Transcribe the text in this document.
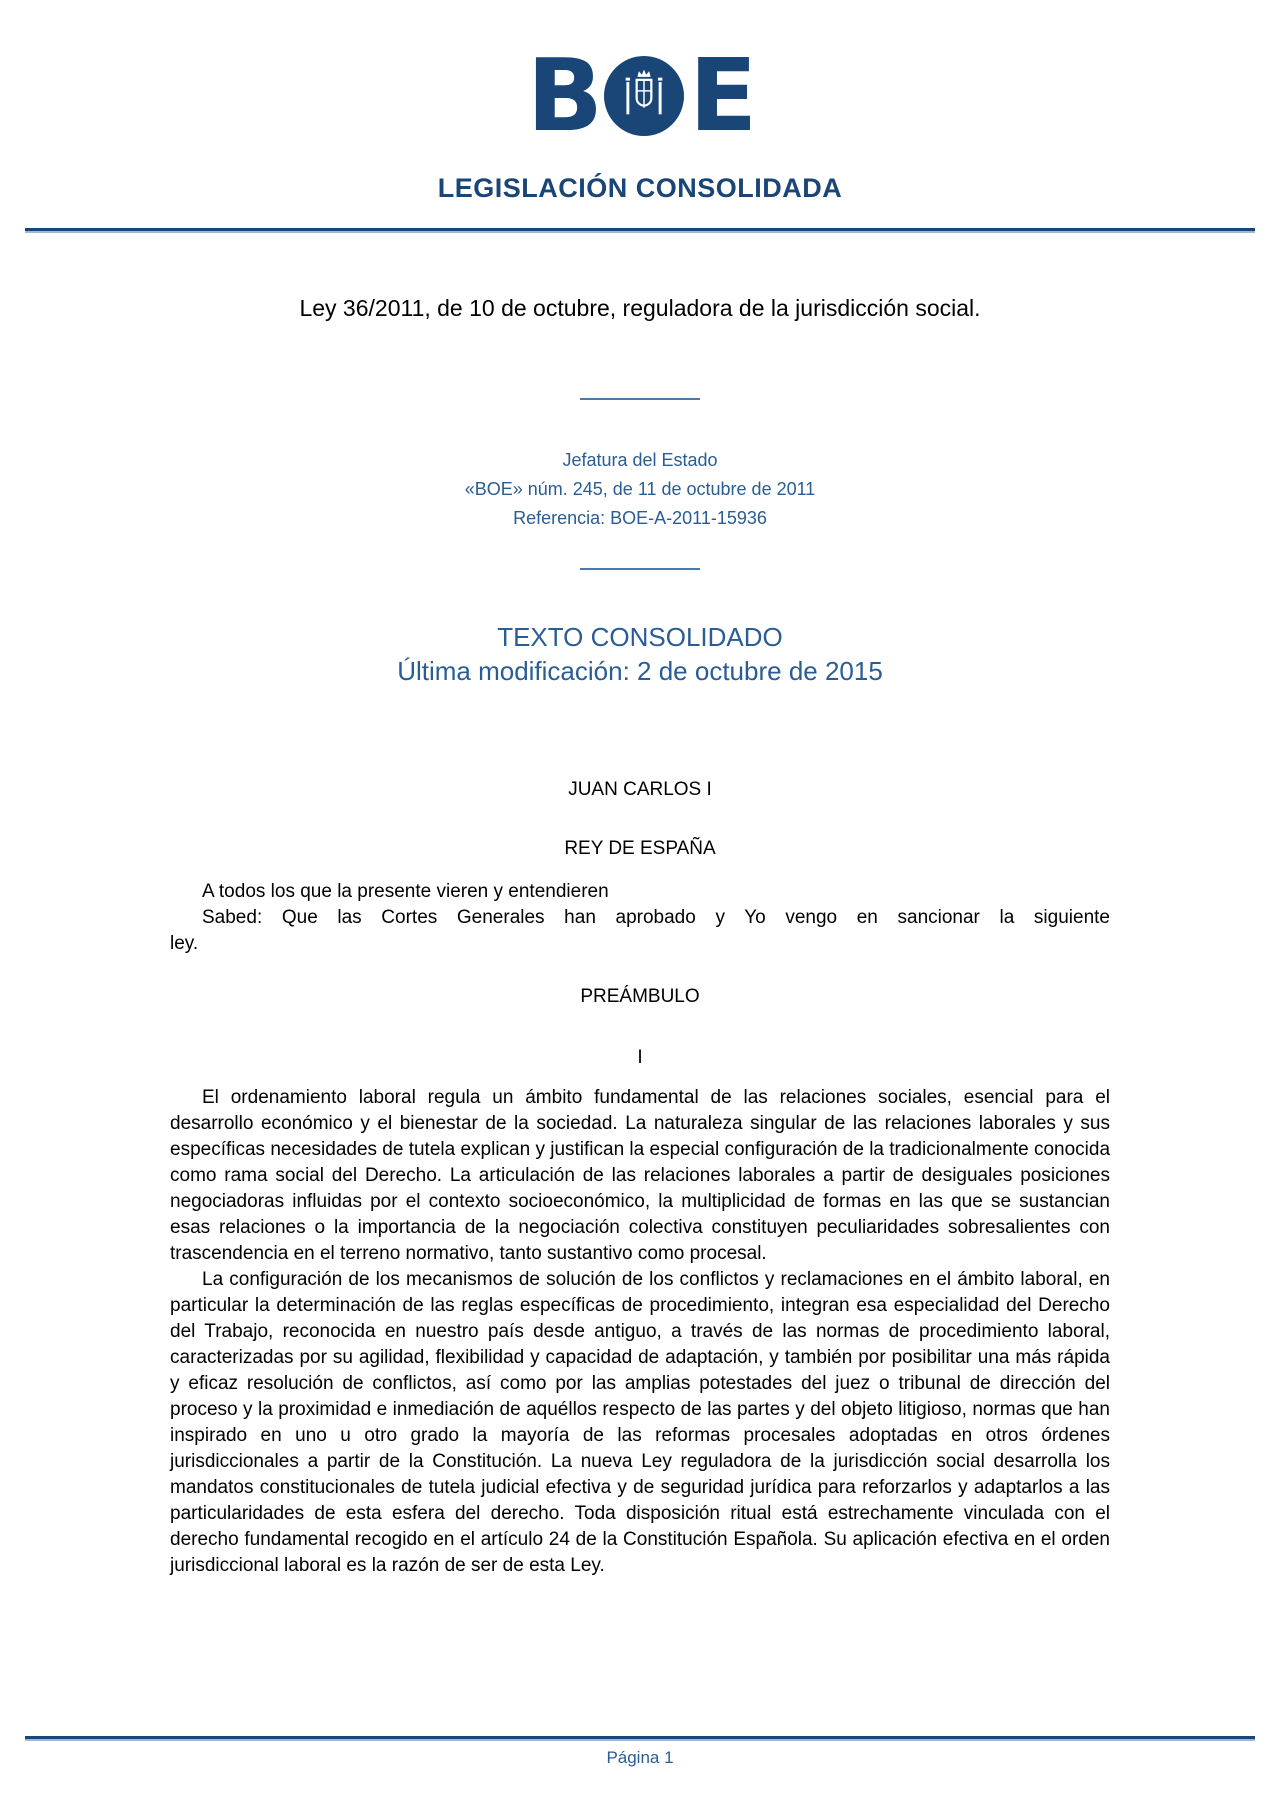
B E
LEGISLACIÓN CONSOLIDADA
Ley 36/2011, de 10 de octubre, reguladora de la jurisdicción social.
Jefatura del Estado
«BOE» núm. 245, de 11 de octubre de 2011
Referencia: BOE-A-2011-15936
TEXTO CONSOLIDADO
Última modificación: 2 de octubre de 2015
JUAN CARLOS I
REY DE ESPAÑA

A todos los que la presente vieren y entendieren

Sabed: Que las Cortes Generales han aprobado y Yo vengo en sancionar la siguiente

ley.

PREÁMBULO
I

El ordenamiento laboral regula un ámbito fundamental de las relaciones sociales, esencial para el desarrollo económico y el bienestar de la sociedad. La naturaleza singular de las relaciones laborales y sus específicas necesidades de tutela explican y justifican la especial configuración de la tradicionalmente conocida como rama social del Derecho. La articulación de las relaciones laborales a partir de desiguales posiciones negociadoras influidas por el contexto socioeconómico, la multiplicidad de formas en las que se sustancian esas relaciones o la importancia de la negociación colectiva constituyen peculiaridades sobresalientes con trascendencia en el terreno normativo, tanto sustantivo como procesal.

La configuración de los mecanismos de solución de los conflictos y reclamaciones en el ámbito laboral, en particular la determinación de las reglas específicas de procedimiento, integran esa especialidad del Derecho del Trabajo, reconocida en nuestro país desde antiguo, a través de las normas de procedimiento laboral, caracterizadas por su agilidad, flexibilidad y capacidad de adaptación, y también por posibilitar una más rápida y eficaz resolución de conflictos, así como por las amplias potestades del juez o tribunal de dirección del proceso y la proximidad e inmediación de aquéllos respecto de las partes y del objeto litigioso, normas que han inspirado en uno u otro grado la mayoría de las reformas procesales adoptadas en otros órdenes jurisdiccionales a partir de la Constitución. La nueva Ley reguladora de la jurisdicción social desarrolla los mandatos constitucionales de tutela judicial efectiva y de seguridad jurídica para reforzarlos y adaptarlos a las particularidades de esta esfera del derecho. Toda disposición ritual está estrechamente vinculada con el derecho fundamental recogido en el artículo 24 de la Constitución Española. Su aplicación efectiva en el orden jurisdiccional laboral es la razón de ser de esta Ley.

Página 1
